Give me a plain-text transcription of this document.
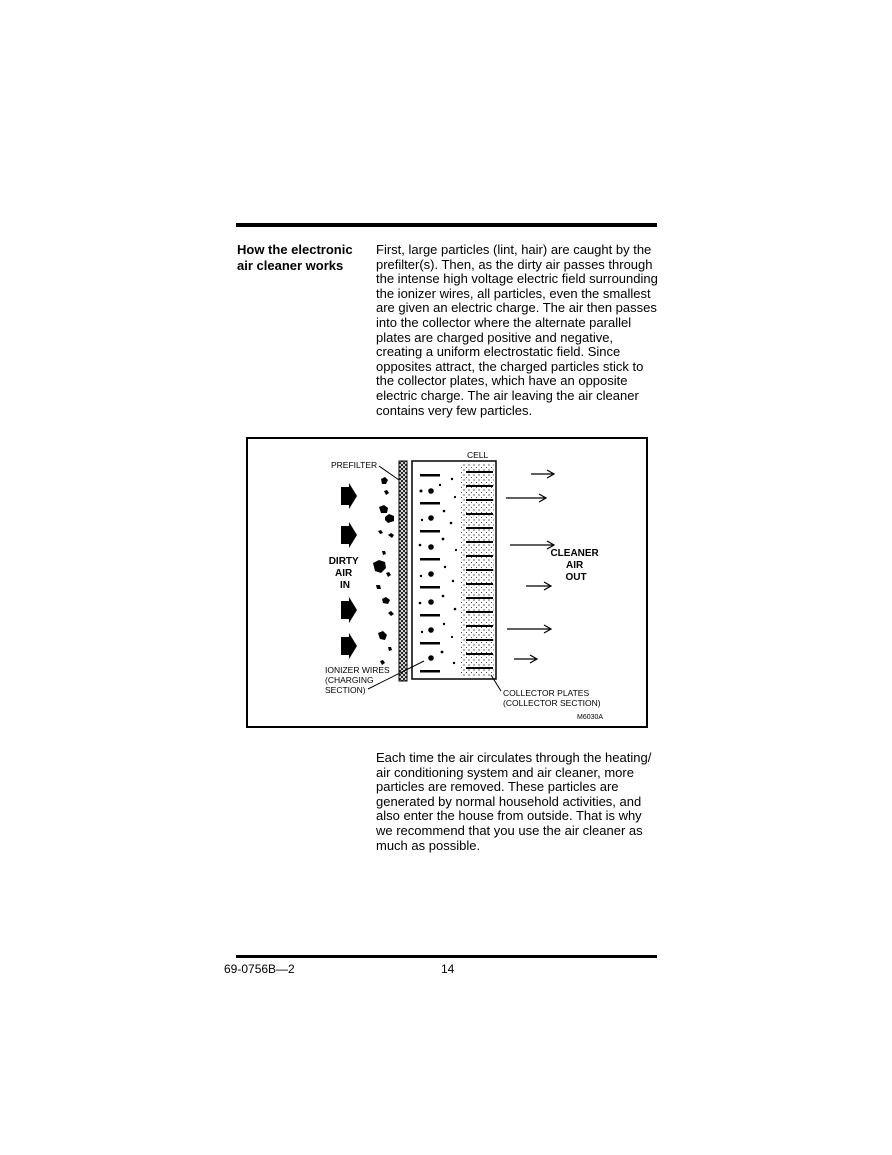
How the electronic air cleaner works
First, large particles (lint, hair) are caught by the prefilter(s). Then, as the dirty air passes through the intense high voltage electric field surrounding the ionizer wires, all particles, even the smallest are given an electric charge. The air then passes into the collector where the alternate parallel plates are charged positive and negative, creating a uniform electrostatic field. Since opposites attract, the charged particles stick to the collector plates, which have an opposite electric charge. The air leaving the air cleaner contains very few particles.
PREFILTER
CELL
DIRTY AIR IN
CLEANER AIR OUT
IONIZER WIRES (CHARGING SECTION)	COLLECTOR PLATES (COLLECTOR SECTION)
M6030A
Each time the air circulates through the heating/ air conditioning system and air cleaner, more particles are removed. These particles are generated by normal household activities, and also enter the house from outside. That is why we recommend that you use the air cleaner as much as possible.
69-0756B—2	14
